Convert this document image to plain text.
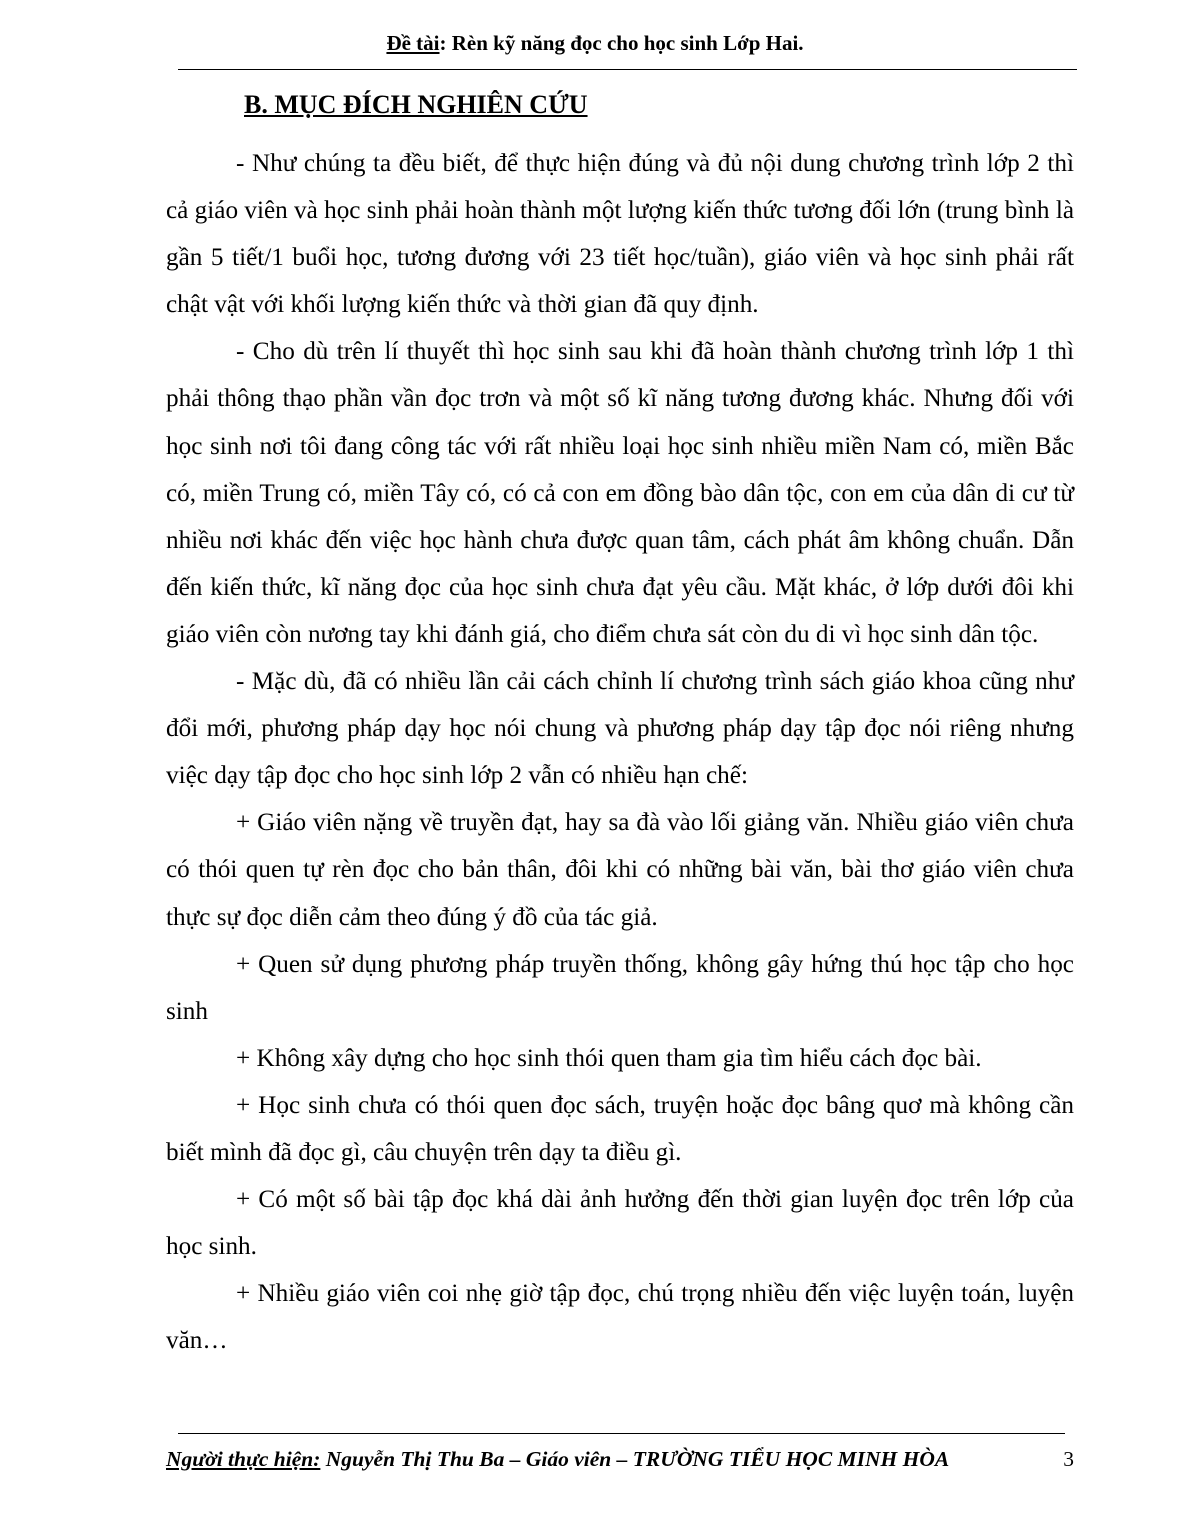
Đề tài: Rèn kỹ năng đọc cho học sinh Lớp Hai.
B. MỤC ĐÍCH NGHIÊN CỨU

- Như chúng ta đều biết, để thực hiện đúng và đủ nội dung chương trình lớp 2 thì cả giáo viên và học sinh phải hoàn thành một lượng kiến thức tương đối lớn (trung bình là gần 5 tiết/1 buổi học, tương đương với 23 tiết học/tuần), giáo viên và học sinh phải rất chật vật với khối lượng kiến thức và thời gian đã quy định.

- Cho dù trên lí thuyết thì học sinh sau khi đã hoàn thành chương trình lớp 1 thì phải thông thạo phần vần đọc trơn và một số kĩ năng tương đương khác. Nhưng đối với học sinh nơi tôi đang công tác với rất nhiều loại học sinh nhiều miền Nam có, miền Bắc có, miền Trung có, miền Tây có, có cả con em đồng bào dân tộc, con em của dân di cư từ nhiều nơi khác đến việc học hành chưa được quan tâm, cách phát âm không chuẩn. Dẫn đến kiến thức, kĩ năng đọc của học sinh chưa đạt yêu cầu. Mặt khác, ở lớp dưới đôi khi giáo viên còn nương tay khi đánh giá, cho điểm chưa sát còn du di vì học sinh dân tộc.

- Mặc dù, đã có nhiều lần cải cách chỉnh lí chương trình sách giáo khoa cũng như đổi mới, phương pháp dạy học nói chung và phương pháp dạy tập đọc nói riêng nhưng việc dạy tập đọc cho học sinh lớp 2 vẫn có nhiều hạn chế:

+ Giáo viên nặng về truyền đạt, hay sa đà vào lối giảng văn. Nhiều giáo viên chưa có thói quen tự rèn đọc cho bản thân, đôi khi có những bài văn, bài thơ giáo viên chưa thực sự đọc diễn cảm theo đúng ý đồ của tác giả.

+ Quen sử dụng phương pháp truyền thống, không gây hứng thú học tập cho học sinh

+ Không xây dựng cho học sinh thói quen tham gia tìm hiểu cách đọc bài.

+ Học sinh chưa có thói quen đọc sách, truyện hoặc đọc bâng quơ mà không cần biết mình đã đọc gì, câu chuyện trên dạy ta điều gì.

+ Có một số bài tập đọc khá dài ảnh hưởng đến thời gian luyện đọc trên lớp của học sinh.

+ Nhiều giáo viên coi nhẹ giờ tập đọc, chú trọng nhiều đến việc luyện toán, luyện văn…

Người thực hiện: Nguyễn Thị Thu Ba – Giáo viên – TRƯỜNG TIỂU HỌC MINH HÒA	3
